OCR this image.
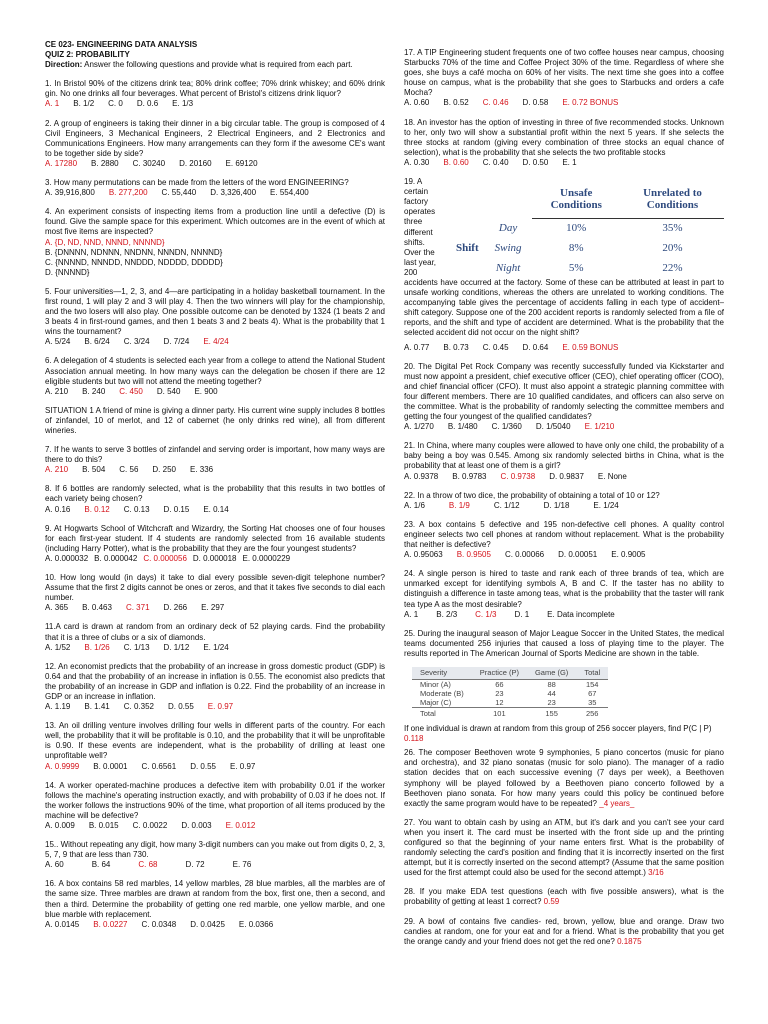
CE 023- ENGINEERING DATA ANALYSIS
QUIZ 2: PROBABILITY
Direction: Answer the following questions and provide what is required from each part.
1. In Bristol 90% of the citizens drink tea; 80% drink coffee; 70% drink whiskey; and 60% drink gin. No one drinks all four beverages. What percent of Bristol's citizens drink liquor?
A. 1 B. 1/2 C. 0 D. 0.6 E. 1/3
2. A group of engineers is taking their dinner in a big circular table. The group is composed of 4 Civil Engineers, 3 Mechanical Engineers, 2 Electrical Engineers, and 2 Electronics and Communications Engineers. How many arrangements can they form if the awesome CE's want to be together side by side?
A. 17280 B. 2880 C. 30240 D. 20160 E. 69120
3. How many permutations can be made from the letters of the word ENGINEERING?
A. 39,916,800 B. 277,200 C. 55,440 D. 3,326,400 E. 554,400
4. An experiment consists of inspecting items from a production line until a defective (D) is found. Give the sample space for this experiment. Which outcomes are in the event of which at most five items are inspected?
A. {D, ND, NND, NNND, NNNND}
B. {DNNNN, NDNNN, NNDNN, NNNDN, NNNND}
C. {NNNND, NNNDD, NNDDD, NDDDD, DDDDD}
D. {NNNND}
5. Four universities—1, 2, 3, and 4—are participating in a holiday basketball tournament. In the first round, 1 will play 2 and 3 will play 4. Then the two winners will play for the championship, and the two losers will also play. One possible outcome can be denoted by 1324 (1 beats 2 and 3 beats 4 in first-round games, and then 1 beats 3 and 2 beats 4). What is the probability that 1 wins the tournament?
A. 5/24 B. 6/24 C. 3/24 D. 7/24 E. 4/24
6. A delegation of 4 students is selected each year from a college to attend the National Student Association annual meeting. In how many ways can the delegation be chosen if there are 12 eligible students but two will not attend the meeting together?
A. 210 B. 240 C. 450 D. 540 E. 900
SITUATION 1 A friend of mine is giving a dinner party. His current wine supply includes 8 bottles of zinfandel, 10 of merlot, and 12 of cabernet (he only drinks red wine), all from different wineries.
7. If he wants to serve 3 bottles of zinfandel and serving order is important, how many ways are there to do this?
A. 210 B. 504 C. 56 D. 250 E. 336
8. If 6 bottles are randomly selected, what is the probability that this results in two bottles of each variety being chosen?
A. 0.16 B. 0.12 C. 0.13 D. 0.15 E. 0.14
9. At Hogwarts School of Witchcraft and Wizardry, the Sorting Hat chooses one of four houses for each first-year student. If 4 students are randomly selected from 16 available students (including Harry Potter), what is the probability that they are the four youngest students?
A. 0.000032 B. 0.000042 C. 0.000056 D. 0.000018 E. 0.0000229
10. How long would (in days) it take to dial every possible seven-digit telephone number? Assume that the first 2 digits cannot be ones or zeros, and that it takes five seconds to dial each number.
A. 365 B. 0.463 C. 371 D. 266 E. 297
11.A card is drawn at random from an ordinary deck of 52 playing cards. Find the probability that it is a three of clubs or a six of diamonds.
A. 1/52 B. 1/26 C. 1/13 D. 1/12 E. 1/24
12. An economist predicts that the probability of an increase in gross domestic product (GDP) is 0.64 and that the probability of an increase in inflation is 0.55. The economist also predicts that the probability of an increase in GDP and inflation is 0.22. Find the probability of an increase in GDP or an increase in inflation.
A. 1.19 B. 1.41 C. 0.352 D. 0.55 E. 0.97
13. An oil drilling venture involves drilling four wells in different parts of the country. For each well, the probability that it will be profitable is 0.10, and the probability that it will be unprofitable is 0.90. If these events are independent, what is the probability of drilling at least one unprofitable well?
A. 0.9999 B. 0.0001 C. 0.6561 D. 0.55 E. 0.97
14. A worker operated-machine produces a defective item with probability 0.01 if the worker follows the machine's operating instruction exactly, and with probability of 0.03 if he does not. If the worker follows the instructions 90% of the time, what proportion of all items produced by the machine will be defective?
A. 0.009 B. 0.015 C. 0.0022 D. 0.003 E. 0.012
15.. Without repeating any digit, how many 3-digit numbers can you make out from digits 0, 2, 3, 5, 7, 9 that are less than 730.
A. 60	B. 64	C. 68	D. 72	E. 76
16. A box contains 58 red marbles, 14 yellow marbles, 28 blue marbles, all the marbles are of the same size. Three marbles are drawn at random from the box, first one, then a second, and then a third. Determine the probability of getting one red marble, one yellow marble, and one blue marble with replacement.
A. 0.0145 B. 0.0227 C. 0.0348 D. 0.0425 E. 0.0366
17. A TIP Engineering student frequents one of two coffee houses near campus, choosing Starbucks 70% of the time and Coffee Project 30% of the time. Regardless of where she goes, she buys a café mocha on 60% of her visits. The next time she goes into a coffee house on campus, what is the probability that she goes to Starbucks and orders a cafe Mocha?
A. 0.60 B. 0.52 C. 0.46 D. 0.58 E. 0.72 BONUS
18. An investor has the option of investing in three of five recommended stocks. Unknown to her, only two will show a substantial profit within the next 5 years. If she selects the three stocks at random (giving every combination of three stocks an equal chance of selection), what is the probability that she selects the two profitable stocks
A. 0.30 B. 0.60 C. 0.40 D. 0.50 E. 1
19. A certain factory operates three different shifts. Over the last year, 200
		Unsafe Conditions	Unrelated to Conditions
Shift	Day	10%	35%
	Swing	8%	20%
	Night	5%	22%
accidents have occurred at the factory. Some of these can be attributed at least in part to unsafe working conditions, whereas the others are unrelated to working conditions. The accompanying table gives the percentage of accidents falling in each type of accident– shift category. Suppose one of the 200 accident reports is randomly selected from a file of reports, and the shift and type of accident are determined. What is the probability that the selected accident did not occur on the night shift?
A. 0.77 B. 0.73 C. 0.45 D. 0.64 E. 0.59 BONUS
20. The Digital Pet Rock Company was recently successfully funded via Kickstarter and must now appoint a president, chief executive officer (CEO), chief operating officer (COO), and chief financial officer (CFO). It must also appoint a strategic planning committee with four different members. There are 10 qualified candidates, and officers can also serve on the committee. What is the probability of randomly selecting the committee members and getting the four youngest of the qualified candidates?
A. 1/270 B. 1/480 C. 1/360 D. 1/5040 E. 1/210
21. In China, where many couples were allowed to have only one child, the probability of a baby being a boy was 0.545. Among six randomly selected births in China, what is the probability that at least one of them is a girl?
A. 0.9378 B. 0.9783 C. 0.9738 D. 0.9837 E. None
22. In a throw of two dice, the probability of obtaining a total of 10 or 12?
A. 1/6	B. 1/9	C. 1/12	D. 1/18	E. 1/24
23. A box contains 5 defective and 195 non-defective cell phones. A quality control engineer selects two cell phones at random without replacement. What is the probability that neither is defective?
A. 0.95063 B. 0.9505 C. 0.00066 D. 0.00051 E. 0.9005
24. A single person is hired to taste and rank each of three brands of tea, which are unmarked except for identifying symbols A, B and C. If the taster has no ability to distinguish a difference in taste among teas, what is the probability that the taster will rank tea type A as the most desirable?
A. 1 B. 2/3 C. 1/3 D. 1 E. Data incomplete
25. During the inaugural season of Major League Soccer in the United States, the medical teams documented 256 injuries that caused a loss of playing time to the player. The results reported in The American Journal of Sports Medicine are shown in the table.
Severity	Practice (P)	Game (G)	Total
Minor (A)	66	88	154
Moderate (B)	23	44	67
Major (C)	12	23	35
Total	101	155	256
If one individual is drawn at random from this group of 256 soccer players, find P(C | P)
0.118
26. The composer Beethoven wrote 9 symphonies, 5 piano concertos (music for piano and orchestra), and 32 piano sonatas (music for solo piano). The manager of a radio station decides that on each successive evening (7 days per week), a Beethoven symphony will be played followed by a Beethoven piano concerto followed by a Beethoven piano sonata. For how many years could this policy be continued before exactly the same program would have to be repeated? _4 years_
27. You want to obtain cash by using an ATM, but it's dark and you can't see your card when you insert it. The card must be inserted with the front side up and the printing configured so that the beginning of your name enters first. What is the probability of randomly selecting the card's position and finding that it is incorrectly inserted on the first attempt, but it is correctly inserted on the second attempt? (Assume that the same position used for the first attempt could also be used for the second attempt.) 3/16
28. If you make EDA test questions (each with five possible answers), what is the probability of getting at least 1 correct? 0.59
29. A bowl of contains five candies- red, brown, yellow, blue and orange. Draw two candies at random, one for your eat and for a friend. What is the probability that you get the orange candy and your friend does not get the red one? 0.1875
